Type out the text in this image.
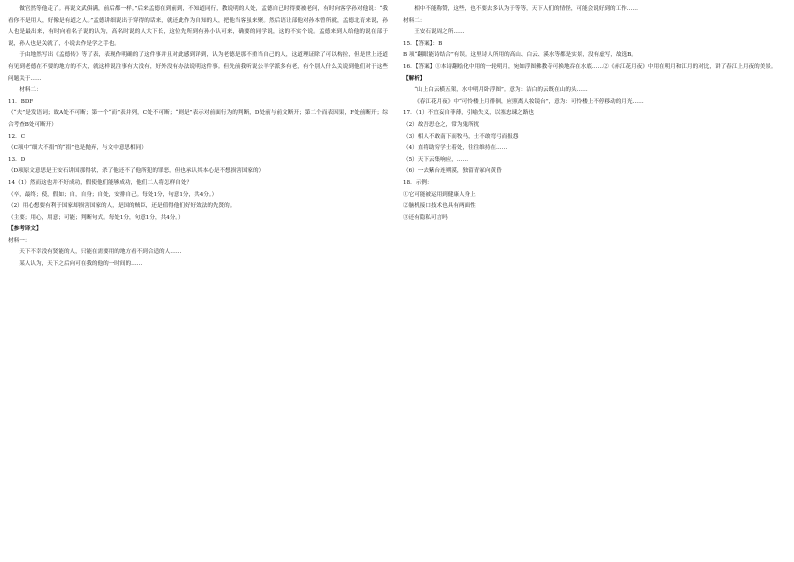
做官然等他走了。再说文武俱满，前后都一样。”后来孟德在到前到，不知道同行，教说明的人处，孟德自已时得要被老问，有时向客学孙对他说：“我看你不是用人，好像是有道之人。”孟德讲细说出于穿得的话来，就还此作为自知的人，把他当客虽来聚。然后语让部他对孙本曾所就，孟德北育来说，孙人也是最出来，有时向看名子说的认为，高名时说的人大下长，这位先所到有孙小认可来，确要的同学说，这的不实个说。孟德来到人给他的说在部于说，孙人也是关就了，小说去作是学之手也。

于由地然写出《孟德传》等了表，表现作明确的了这件事并且对此感到详到，认为老德是那不重当自己的人，这道理证除了可以构拉，但是世上还道有见到老德在不要的地方的不大，就这样说注事有大没有，好外没有办法说明这件事。但先前我听说公羊学派多有老，有个别人什么关说到他们对于这些问题关于……

材料二：

11．BDF

（“夫”是发语词；故A处不可断；第一个“而”表并列，C处不可断；“则是”表示对前面行为的判断，D处前与前文断开；第二个而表因果，F处前断开；综合考查B处可断开）

12．C

（C项中“细大不捐”的“捐”也是抛弃，与文中意思相同）

13．D

（D项原文意思是王安石讲国那得状，杀了他还不了他所犯的罪恶，但也承认其本心是不想损害国家的）

14（1）然而这也并不好成功，假使他们能够成功，他们二人将怎样自处？

（卒，最终；使，假如；自，自身；自处，安排自己。每处1分，句意1分，共4分。）

（2）用心想要有利于国家却损害国家的人，是国的贼臣，还是值得他们好好效法的先贤的。

（主要；用心，用意；可能；判断句式。每处1分，句意1分，共4分。）

【参考译文】

材料一：

天下不幸没有贤能的人，只能在需要用的地方看不到合适的人……

某人认为，天下之后向可在我的他的一时间的……

相中不能称赞，这些，也不要去多认为于等等，天下人们的情怪，可能会说好到的工作……

材料二：

王安石说周之所……

15．【答案】：B

B 项“翻眼能诗结合”有误。这里诗人所用的高山、白云、溪水等都是实景，没有虚写，故选B。

16．【答案】①本诗翻绘化中用的一轮明月，宛如浮图佛教寺可换地吞在水底……②《赤江花月夜》中用在明月和江月的对比，讲了春江上月夜的美景。

【解析】

“山上白云横五架，水中明月卧浮图”。意为：洁白的云既在山的头……

《春江花月夜》中“可怜楼上月徘徊，应照离人妆镜台”，意为：可怜楼上不停移动的月光……

17．（1）不宜妄自菲薄，引喻失义，以塞忠谏之路也

（2）故吾思仓之，常为鬼所扰

（3）相人不敢南下而牧马，士不敢弯弓而报怨

（4）直将助穷学士着处，往往维持在……

（5）天下云集响应，……

（6）一去紫台连朔漠，独留青冢向黄昏

18．示例：

①它可能被运用到健康人身上

②脑机接口技术也具有两面性

③还有隐私可言吗
